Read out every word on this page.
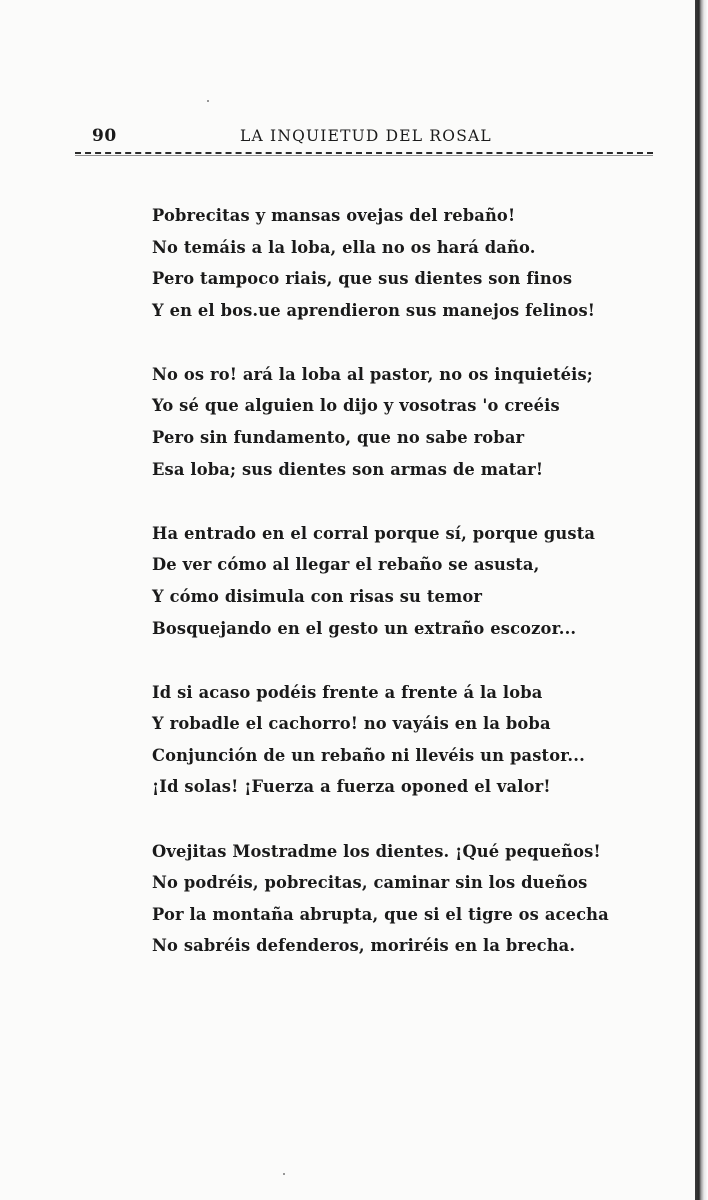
90	LA INQUIETUD DEL ROSAL
Pobrecitas y mansas ovejas del rebaño!
No temáis a la loba, ella no os hará daño.
Pero tampoco riais, que sus dientes son finos
Y en el bos.ue aprendieron sus manejos felinos!
No os ro! ará la loba al pastor, no os inquietéis;
Yo sé que alguien lo dijo y vosotras 'o creéis
Pero sin fundamento, que no sabe robar
Esa loba; sus dientes son armas de matar!
Ha entrado en el corral porque sí, porque gusta
De ver cómo al llegar el rebaño se asusta,
Y cómo disimula con risas su temor
Bosquejando en el gesto un extraño escozor...
Id si acaso podéis frente a frente á la loba
Y robadle el cachorro! no vayáis en la boba
Conjunción de un rebaño ni llevéis un pastor...
¡Id solas! ¡Fuerza a fuerza oponed el valor!
Ovejitas Mostradme los dientes. ¡Qué pequeños!
No podréis, pobrecitas, caminar sin los dueños
Por la montaña abrupta, que si el tigre os acecha
No sabréis defenderos, moriréis en la brecha.
